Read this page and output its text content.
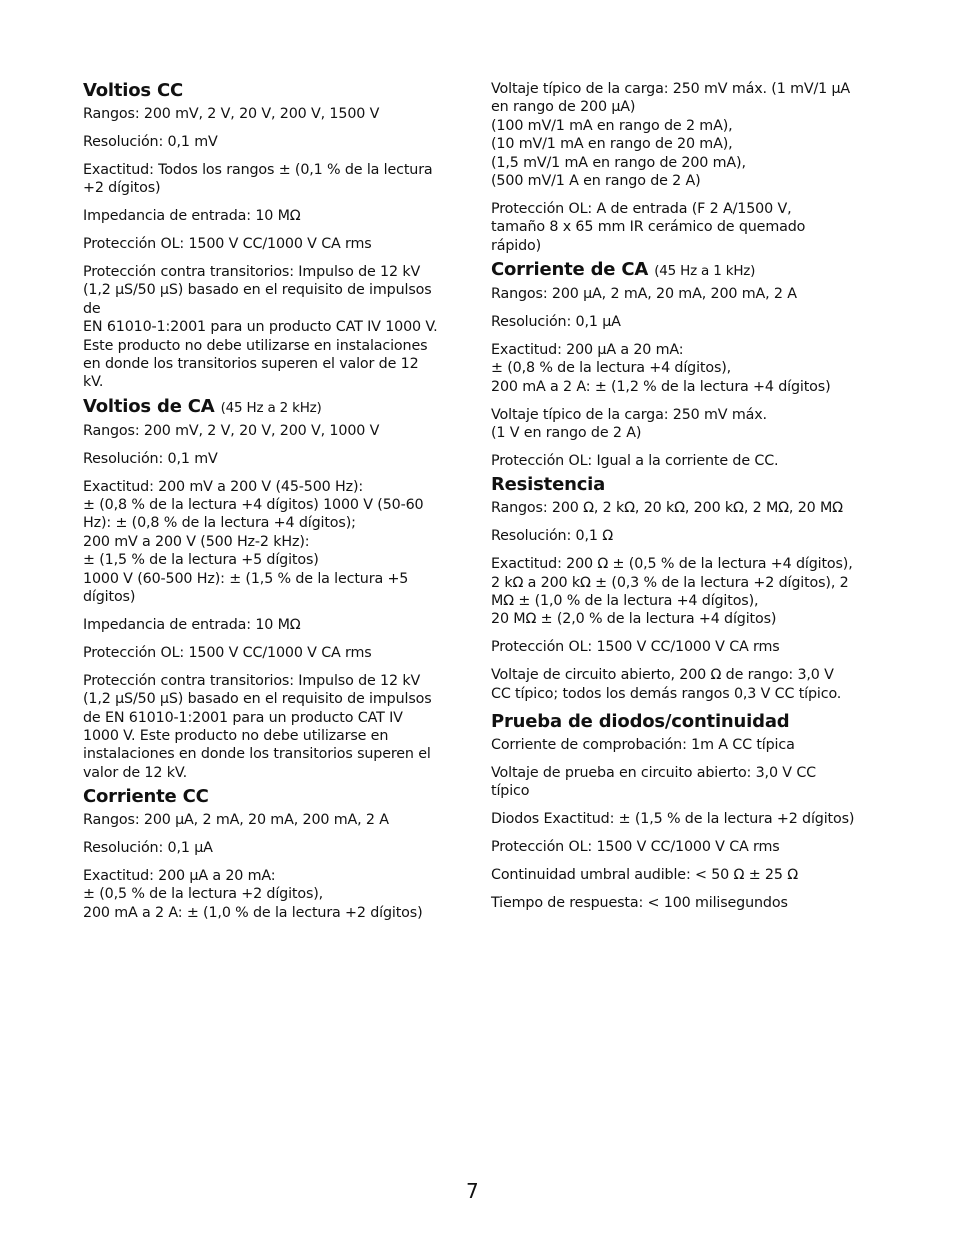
Voltios CC

Rangos: 200 mV, 2 V, 20 V, 200 V, 1500 V

Resolución: 0,1 mV

Exactitud: Todos los rangos ± (0,1 % de la lectura
+2 dígitos)

Impedancia de entrada: 10 MΩ

Protección OL: 1500 V CC/1000 V CA rms

Protección contra transitorios: Impulso de 12 kV
(1,2 μS/50 μS) basado en el requisito de impulsos
de
EN 61010-1:2001 para un producto CAT IV 1000 V.
Este producto no debe utilizarse en instalaciones
en donde los transitorios superen el valor de 12
kV.

Voltios de CA (45 Hz a 2 kHz)

Rangos: 200 mV, 2 V, 20 V, 200 V, 1000 V

Resolución: 0,1 mV

Exactitud: 200 mV a 200 V (45-500 Hz):
± (0,8 % de la lectura +4 dígitos) 1000 V (50-60
Hz): ± (0,8 % de la lectura +4 dígitos);
200 mV a 200 V (500 Hz-2 kHz):
± (1,5 % de la lectura +5 dígitos)
1000 V (60-500 Hz): ± (1,5 % de la lectura +5
dígitos)

Impedancia de entrada: 10 MΩ

Protección OL: 1500 V CC/1000 V CA rms

Protección contra transitorios: Impulso de 12 kV
(1,2 μS/50 μS) basado en el requisito de impulsos
de EN 61010-1:2001 para un producto CAT IV
1000 V. Este producto no debe utilizarse en
instalaciones en donde los transitorios superen el
valor de 12 kV.

Corriente CC

Rangos: 200 μA, 2 mA, 20 mA, 200 mA, 2 A

Resolución: 0,1 μA

Exactitud: 200 μA a 20 mA:
± (0,5 % de la lectura +2 dígitos),
200 mA a 2 A: ± (1,0 % de la lectura +2 dígitos)

Voltaje típico de la carga: 250 mV máx. (1 mV/1 μA
en rango de 200 μA)
(100 mV/1 mA en rango de 2 mA),
(10 mV/1 mA en rango de 20 mA),
(1,5 mV/1 mA en rango de 200 mA),
(500 mV/1 A en rango de 2 A)

Protección OL: A de entrada (F 2 A/1500 V,
tamaño 8 x 65 mm IR cerámico de quemado
rápido)

Corriente de CA (45 Hz a 1 kHz)

Rangos: 200 μA, 2 mA, 20 mA, 200 mA, 2 A

Resolución: 0,1 μA

Exactitud: 200 μA a 20 mA:
± (0,8 % de la lectura +4 dígitos),
200 mA a 2 A: ± (1,2 % de la lectura +4 dígitos)

Voltaje típico de la carga: 250 mV máx.
(1 V en rango de 2 A)

Protección OL: Igual a la corriente de CC.

Resistencia

Rangos: 200 Ω, 2 kΩ, 20 kΩ, 200 kΩ, 2 MΩ, 20 MΩ

Resolución: 0,1 Ω

Exactitud: 200 Ω ± (0,5 % de la lectura +4 dígitos),
2 kΩ a 200 kΩ ± (0,3 % de la lectura +2 dígitos), 2
MΩ ± (1,0 % de la lectura +4 dígitos),
20 MΩ ± (2,0 % de la lectura +4 dígitos)

Protección OL: 1500 V CC/1000 V CA rms

Voltaje de circuito abierto, 200 Ω de rango: 3,0 V
CC típico; todos los demás rangos 0,3 V CC típico.

Prueba de diodos/continuidad

Corriente de comprobación: 1m A CC típica

Voltaje de prueba en circuito abierto: 3,0 V CC
típico

Diodos Exactitud: ± (1,5 % de la lectura +2 dígitos)

Protección OL: 1500 V CC/1000 V CA rms

Continuidad umbral audible: < 50 Ω ± 25 Ω

Tiempo de respuesta: < 100 milisegundos

7
